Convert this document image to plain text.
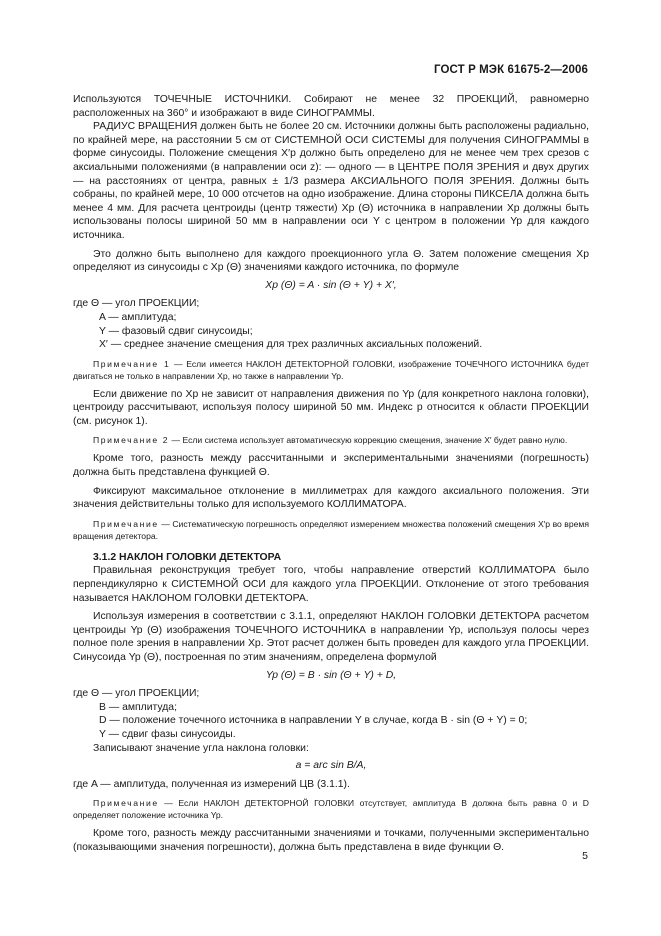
ГОСТ Р МЭК 61675-2—2006

Используются ТОЧЕЧНЫЕ ИСТОЧНИКИ. Собирают не менее 32 ПРОЕКЦИЙ, равномерно расположенных на 360° и изображают в виде СИНОГРАММЫ.

РАДИУС ВРАЩЕНИЯ должен быть не более 20 см. Источники должны быть расположены радиально, по крайней мере, на расстоянии 5 см от СИСТЕМНОЙ ОСИ СИСТЕМЫ для получения СИНОГРАММЫ в форме синусоиды. Положение смещения X′p должно быть определено для не менее чем трех срезов с аксиальными положениями (в направлении оси z): — одного — в ЦЕНТРЕ ПОЛЯ ЗРЕНИЯ и двух других — на расстояниях от центра, равных ± 1/3 размера АКСИАЛЬНОГО ПОЛЯ ЗРЕНИЯ. Должны быть собраны, по крайней мере, 10 000 отсчетов на одно изображение. Длина стороны ПИКСЕЛА должна быть менее 4 мм. Для расчета центроиды (центр тяжести) Xp (Θ) источника в направлении Xp должны быть использованы полосы шириной 50 мм в направлении оси Y с центром в положении Yp для каждого источника.

Это должно быть выполнено для каждого проекционного угла Θ. Затем положение смещения Xp определяют из синусоиды с Xp (Θ) значениями каждого источника, по формуле

Xp (Θ) = A · sin (Θ + Y) + X′,

где Θ — угол ПРОЕКЦИИ;

A — амплитуда;

Y — фазовый сдвиг синусоиды;

X′ — среднее значение смещения для трех различных аксиальных положений.

Примечание 1 — Если имеется НАКЛОН ДЕТЕКТОРНОЙ ГОЛОВКИ, изображение ТОЧЕЧНОГО ИСТОЧНИКА будет двигаться не только в направлении Xp, но также в направлении Yp.

Если движение по Xp не зависит от направления движения по Yp (для конкретного наклона головки), центроиду рассчитывают, используя полосу шириной 50 мм. Индекс p относится к области ПРОЕКЦИИ (см. рисунок 1).

Примечание 2 — Если система использует автоматическую коррекцию смещения, значение X′ будет равно нулю.

Кроме того, разность между рассчитанными и экспериментальными значениями (погрешность) должна быть представлена функцией Θ.

Фиксируют максимальное отклонение в миллиметрах для каждого аксиального положения. Эти значения действительны только для используемого КОЛЛИМАТОРА.

Примечание — Систематическую погрешность определяют измерением множества положений смещения X′p во время вращения детектора.

3.1.2 НАКЛОН ГОЛОВКИ ДЕТЕКТОРА

Правильная реконструкция требует того, чтобы направление отверстий КОЛЛИМАТОРА было перпендикулярно к СИСТЕМНОЙ ОСИ для каждого угла ПРОЕКЦИИ. Отклонение от этого требования называется НАКЛОНОМ ГОЛОВКИ ДЕТЕКТОРА.

Используя измерения в соответствии с 3.1.1, определяют НАКЛОН ГОЛОВКИ ДЕТЕКТОРА расчетом центроиды Yp (Θ) изображения ТОЧЕЧНОГО ИСТОЧНИКА в направлении Yp, используя полосы через полное поле зрения в направлении Xp. Этот расчет должен быть проведен для каждого угла ПРОЕКЦИИ. Синусоида Yp (Θ), построенная по этим значениям, определена формулой

Yp (Θ) = B · sin (Θ + Y) + D,

где Θ — угол ПРОЕКЦИИ;

B — амплитуда;

D — положение точечного источника в направлении Y в случае, когда B · sin (Θ + Y) = 0;

Y — сдвиг фазы синусоиды.

Записывают значение угла наклона головки:

a = arc sin B/A,

где A — амплитуда, полученная из измерений ЦВ (3.1.1).

Примечание — Если НАКЛОН ДЕТЕКТОРНОЙ ГОЛОВКИ отсутствует, амплитуда B должна быть равна 0 и D определяет положение источника Yp.

Кроме того, разность между рассчитанными значениями и точками, полученными экспериментально (показывающими значения погрешности), должна быть представлена в виде функции Θ.

5
